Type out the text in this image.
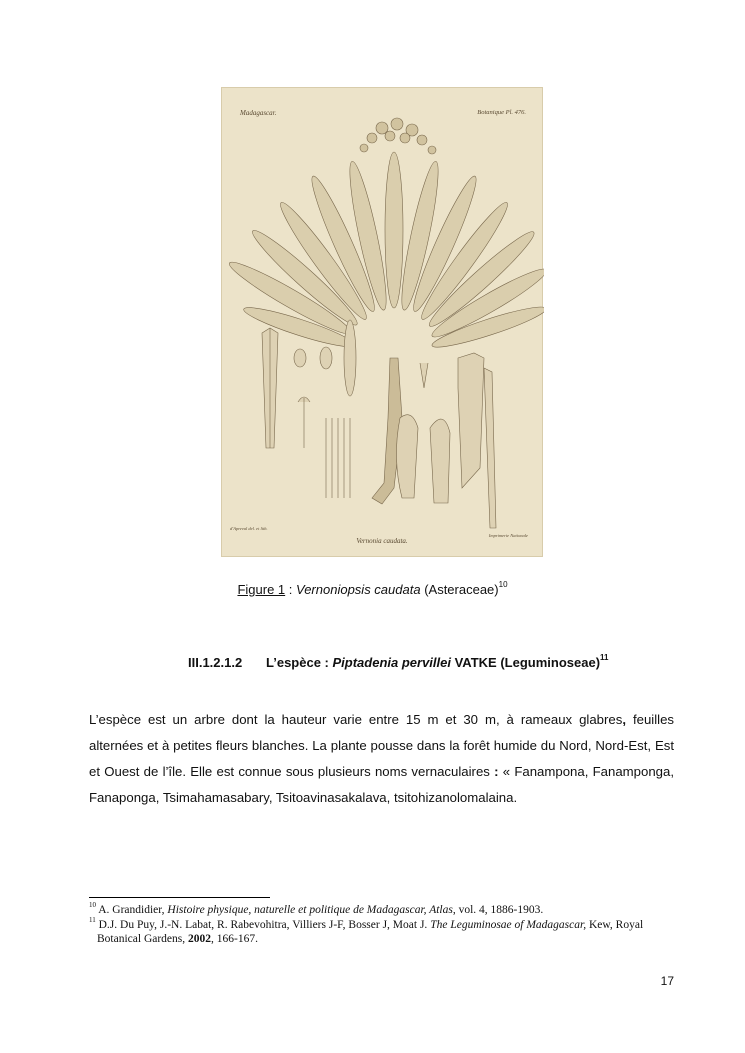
Madagascar.	Botanique Pl. 476.
d'Apreval del. et lith.
Imprimerie Nationale
Vernonia caudata.
Figure 1 : Vernoniopsis caudata (Asteraceae)$^{10}$
III.1.2.1.2 L’espèce : Piptadenia pervillei VATKE (Leguminoseae)$^{11}$
L’espèce est un arbre dont la hauteur varie entre 15 m et 30 m, à rameaux glabres, feuilles alternées et à petites fleurs blanches. La plante pousse dans la forêt humide du Nord, Nord-Est, Est et Ouest de l’île. Elle est connue sous plusieurs noms vernaculaires : « Fanampona, Fanamponga, Fanaponga, Tsimahamasabary, Tsitoavinasakalava, tsitohizanolomalaina.
$^{10}$ A. Grandidier, Histoire physique, naturelle et politique de Madagascar, Atlas, vol. 4, 1886-1903.
$^{11}$ D.J. Du Puy, J.-N. Labat, R. Rabevohitra, Villiers J-F, Bosser J, Moat J. The Leguminosae of Madagascar, Kew, Royal Botanical Gardens, 2002, 166-167.
17
